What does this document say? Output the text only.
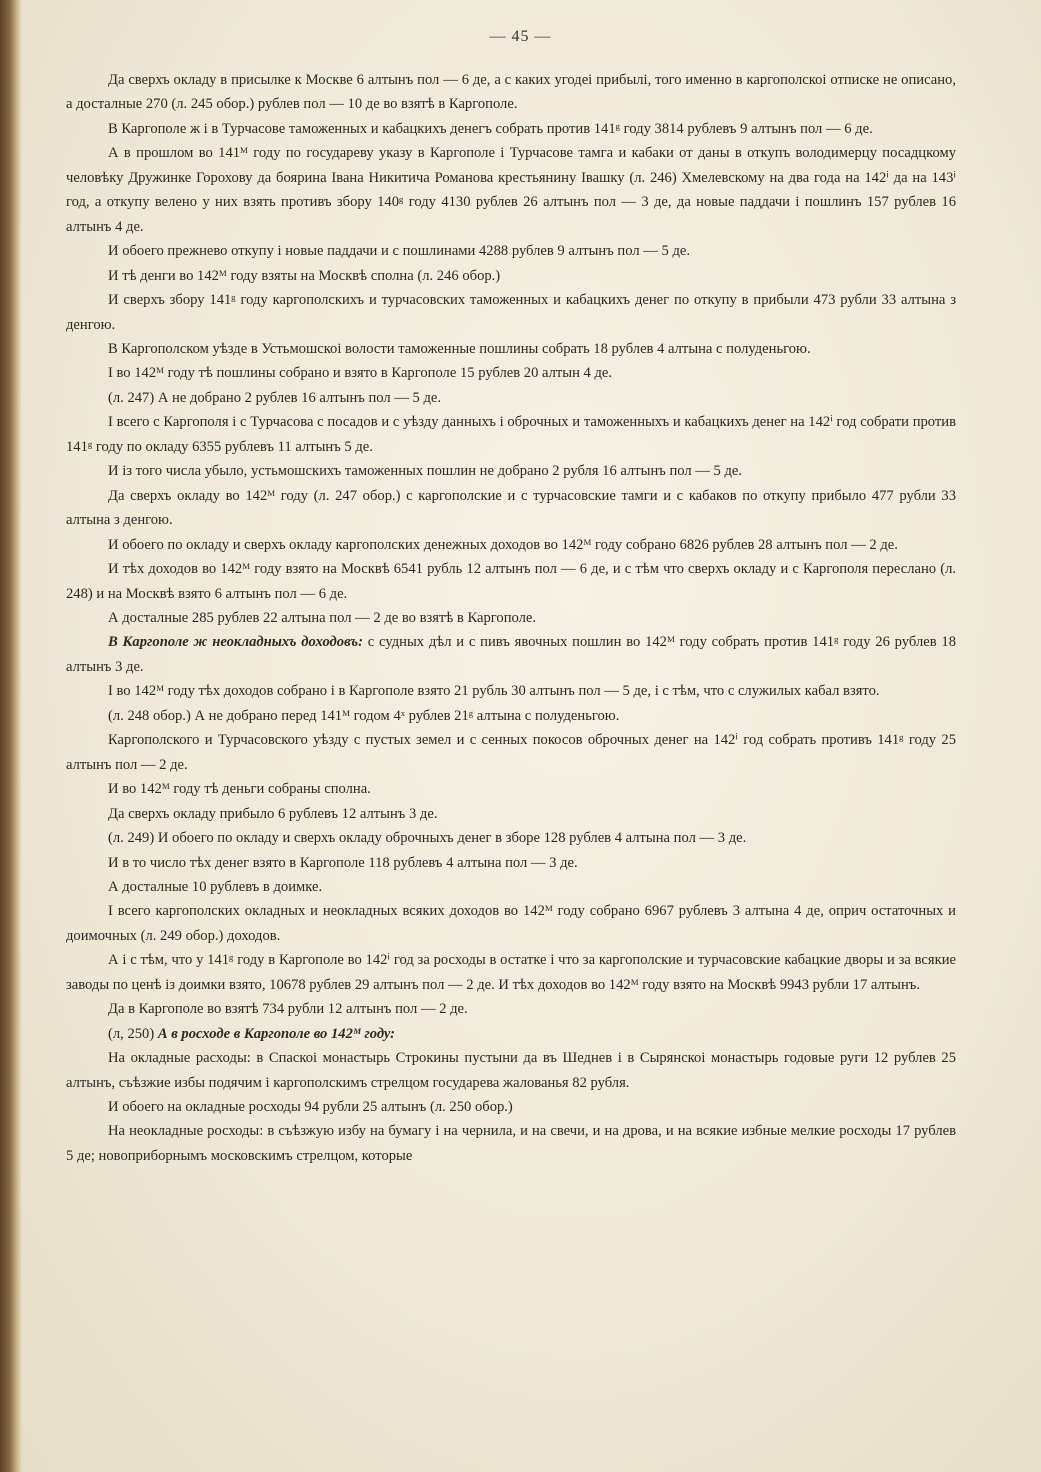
— 45 —

Да сверхъ окладу в присылке к Москве 6 алтынъ пол — 6 де, а с каких угодеі прибылі, того именно в каргополскоі отписке не описано, а досталные 270 (л. 245 обор.) рублев пол — 10 де во взятѣ в Каргополе.

В Каргополе ж і в Турчасове таможенных и кабацкихъ денегъ собрать против 141ᵍ году 3814 рублевъ 9 алтынъ пол — 6 де.

А в прошлом во 141ᴹ году по государеву указу в Каргополе і Турчасове тамга и кабаки от даны в откупъ володимерцу посадцкому человѣку Дружинке Горохову да боярина Івана Никитича Романова крестьянину Івашку (л. 246) Хмелевскому на два года на 142ⁱ да на 143ⁱ год, а откупу велено у них взять противъ збору 140ᵍ году 4130 рублев 26 алтынъ пол — 3 де, да новые паддачи і пошлинъ 157 рублев 16 алтынъ 4 де.

И обоего прежнево откупу і новые паддачи и с пошлинами 4288 рублев 9 алтынъ пол — 5 де.

И тѣ денги во 142ᴹ году взяты на Москвѣ сполна (л. 246 обор.)

И сверхъ збору 141ᵍ году каргополскихъ и турчасовских таможенных и кабацкихъ денег по откупу в прибыли 473 рубли 33 алтына з денгою.

В Каргополском уѣзде в Устьмошскоі волости таможенные пошлины собрать 18 рублев 4 алтына с полуденьгою.

І во 142ᴹ году тѣ пошлины собрано и взято в Каргополе 15 рублев 20 алтын 4 де.

(л. 247) А не добрано 2 рублев 16 алтынъ пол — 5 де.

І всего с Каргополя і с Турчасова с посадов и с уѣзду данныхъ і оброчных и таможенныхъ и кабацкихъ денег на 142ⁱ год собрати против 141ᵍ году по окладу 6355 рублевъ 11 алтынъ 5 де.

И із того числа убыло, устьмошскихъ таможенных пошлин не добрано 2 рубля 16 алтынъ пол — 5 де.

Да сверхъ окладу во 142ᴹ году (л. 247 обор.) с каргополские и с турчасовские тамги и с кабаков по откупу прибыло 477 рубли 33 алтына з денгою.

И обоего по окладу и сверхъ окладу каргополских денежных доходов во 142ᴹ году собрано 6826 рублев 28 алтынъ пол — 2 де.

И тѣх доходов во 142ᴹ году взято на Москвѣ 6541 рубль 12 алтынъ пол — 6 де, и с тѣм что сверхъ окладу и с Каргополя переслано (л. 248) и на Москвѣ взято 6 алтынъ пол — 6 де.

А досталные 285 рублев 22 алтына пол — 2 де во взятѣ в Каргополе.

В Каргополе ж неокладныхъ доходовъ: с судных дѣл и с пивъ явочных пошлин во 142ᴹ году собрать против 141ᵍ году 26 рублев 18 алтынъ 3 де.

І во 142ᴹ году тѣх доходов собрано і в Каргополе взято 21 рубль 30 алтынъ пол — 5 де, і с тѣм, что с служилых кабал взято.

(л. 248 обор.) А не добрано перед 141ᴹ годом 4ˣ рублев 21ᵍ алтына с полуденьгою.

Каргополского и Турчасовского уѣзду с пустых земел и с сенных покосов оброчных денег на 142ⁱ год собрать противъ 141ᵍ году 25 алтынъ пол — 2 де.

И во 142ᴹ году тѣ деньги собраны сполна.

Да сверхъ окладу прибыло 6 рублевъ 12 алтынъ 3 де.

(л. 249) И обоего по окладу и сверхъ окладу оброчныхъ денег в зборе 128 рублев 4 алтына пол — 3 де.

И в то число тѣх денег взято в Каргополе 118 рублевъ 4 алтына пол — 3 де.

А досталные 10 рублевъ в доимке.

І всего каргополских окладных и неокладных всяких доходов во 142ᴹ году собрано 6967 рублевъ 3 алтына 4 де, оприч остаточных и доимочных (л. 249 обор.) доходов.

А і с тѣм, что у 141ᵍ году в Каргополе во 142ⁱ год за росходы в остатке і что за каргополские и турчасовские кабацкие дворы и за всякие заводы по ценѣ із доимки взято, 10678 рублев 29 алтынъ пол — 2 де. И тѣх доходов во 142ᴹ году взято на Москвѣ 9943 рубли 17 алтынъ.

Да в Каргополе во взятѣ 734 рубли 12 алтынъ пол — 2 де.

(л, 250) А в росходе в Каргополе во 142ᴹ году:

На окладные расходы: в Спаскоі монастырь Строкины пустыни да въ Шеднев і в Сырянскоі монастырь годовые руги 12 рублев 25 алтынъ, съѣзжие избы подячим і каргополскимъ стрелцом государева жалованья 82 рубля.

И обоего на окладные росходы 94 рубли 25 алтынъ (л. 250 обор.)

На неокладные росходы: в съѣзжую избу на бумагу і на чернила, и на свечи, и на дрова, и на всякие избные мелкие росходы 17 рублев 5 де; новоприборнымъ московскимъ стрелцом, которые
